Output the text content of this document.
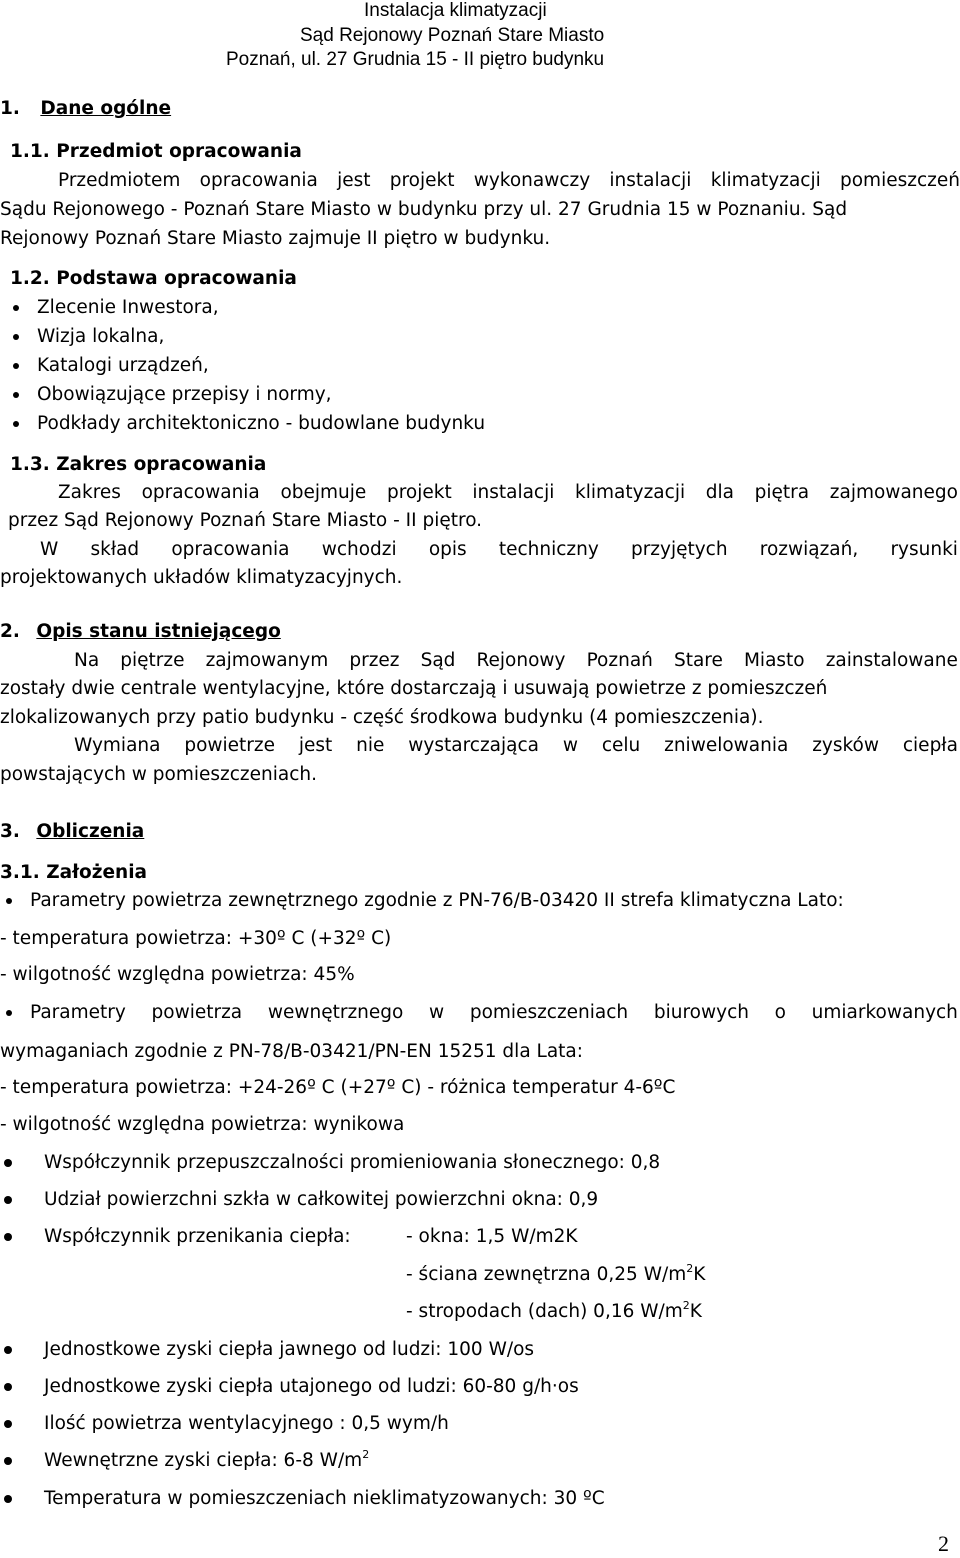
Instalacja klimatyzacji
Sąd Rejonowy Poznań Stare Miasto
Poznań, ul. 27 Grudnia 15 - II piętro budynku
1. Dane ogólne
1.1. Przedmiot opracowania
Przedmiotem opracowania jest projekt wykonawczy instalacji klimatyzacji pomieszczeń
Sądu Rejonowego - Poznań Stare Miasto w budynku przy ul. 27 Grudnia 15 w Poznaniu. Sąd
Rejonowy Poznań Stare Miasto zajmuje II piętro w budynku.
1.2. Podstawa opracowania
Zlecenie Inwestora,
Wizja lokalna,
Katalogi urządzeń,
Obowiązujące przepisy i normy,
Podkłady architektoniczno - budowlane budynku
1.3. Zakres opracowania
Zakres opracowania obejmuje projekt instalacji klimatyzacji dla piętra zajmowanego
przez Sąd Rejonowy Poznań Stare Miasto - II piętro.
W skład opracowania wchodzi opis techniczny przyjętych rozwiązań, rysunki
projektowanych układów klimatyzacyjnych.
2. Opis stanu istniejącego
Na piętrze zajmowanym przez Sąd Rejonowy Poznań Stare Miasto zainstalowane
zostały dwie centrale wentylacyjne, które dostarczają i usuwają powietrze z pomieszczeń
zlokalizowanych przy patio budynku - część środkowa budynku (4 pomieszczenia).
Wymiana powietrze jest nie wystarczająca w celu zniwelowania zysków ciepła
powstających w pomieszczeniach.
3. Obliczenia
3.1. Założenia
Parametry powietrza zewnętrznego zgodnie z PN-76/B-03420 II strefa klimatyczna Lato:
- temperatura powietrza: +30º C (+32º C)
- wilgotność względna powietrza: 45%
Parametry powietrza wewnętrznego w pomieszczeniach biurowych o umiarkowanych
wymaganiach zgodnie z PN-78/B-03421/PN-EN 15251 dla Lata:
- temperatura powietrza: +24-26º C (+27º C) - różnica temperatur 4-6ºC
- wilgotność względna powietrza: wynikowa
Współczynnik przepuszczalności promieniowania słonecznego: 0,8
Udział powierzchni szkła w całkowitej powierzchni okna: 0,9
Współczynnik przenikania ciepła:	- okna: 1,5 W/m2K
- ściana zewnętrzna 0,25 $W/m^2K$
- stropodach (dach) 0,16 $W/m^2K$
Jednostkowe zyski ciepła jawnego od ludzi: 100 W/os
Jednostkowe zyski ciepła utajonego od ludzi: 60-80 g/h·os
Ilość powietrza wentylacyjnego : 0,5 wym/h
Wewnętrzne zyski ciepła: 6-8 $W/m^2$
Temperatura w pomieszczeniach nieklimatyzowanych: 30 ºC
2
